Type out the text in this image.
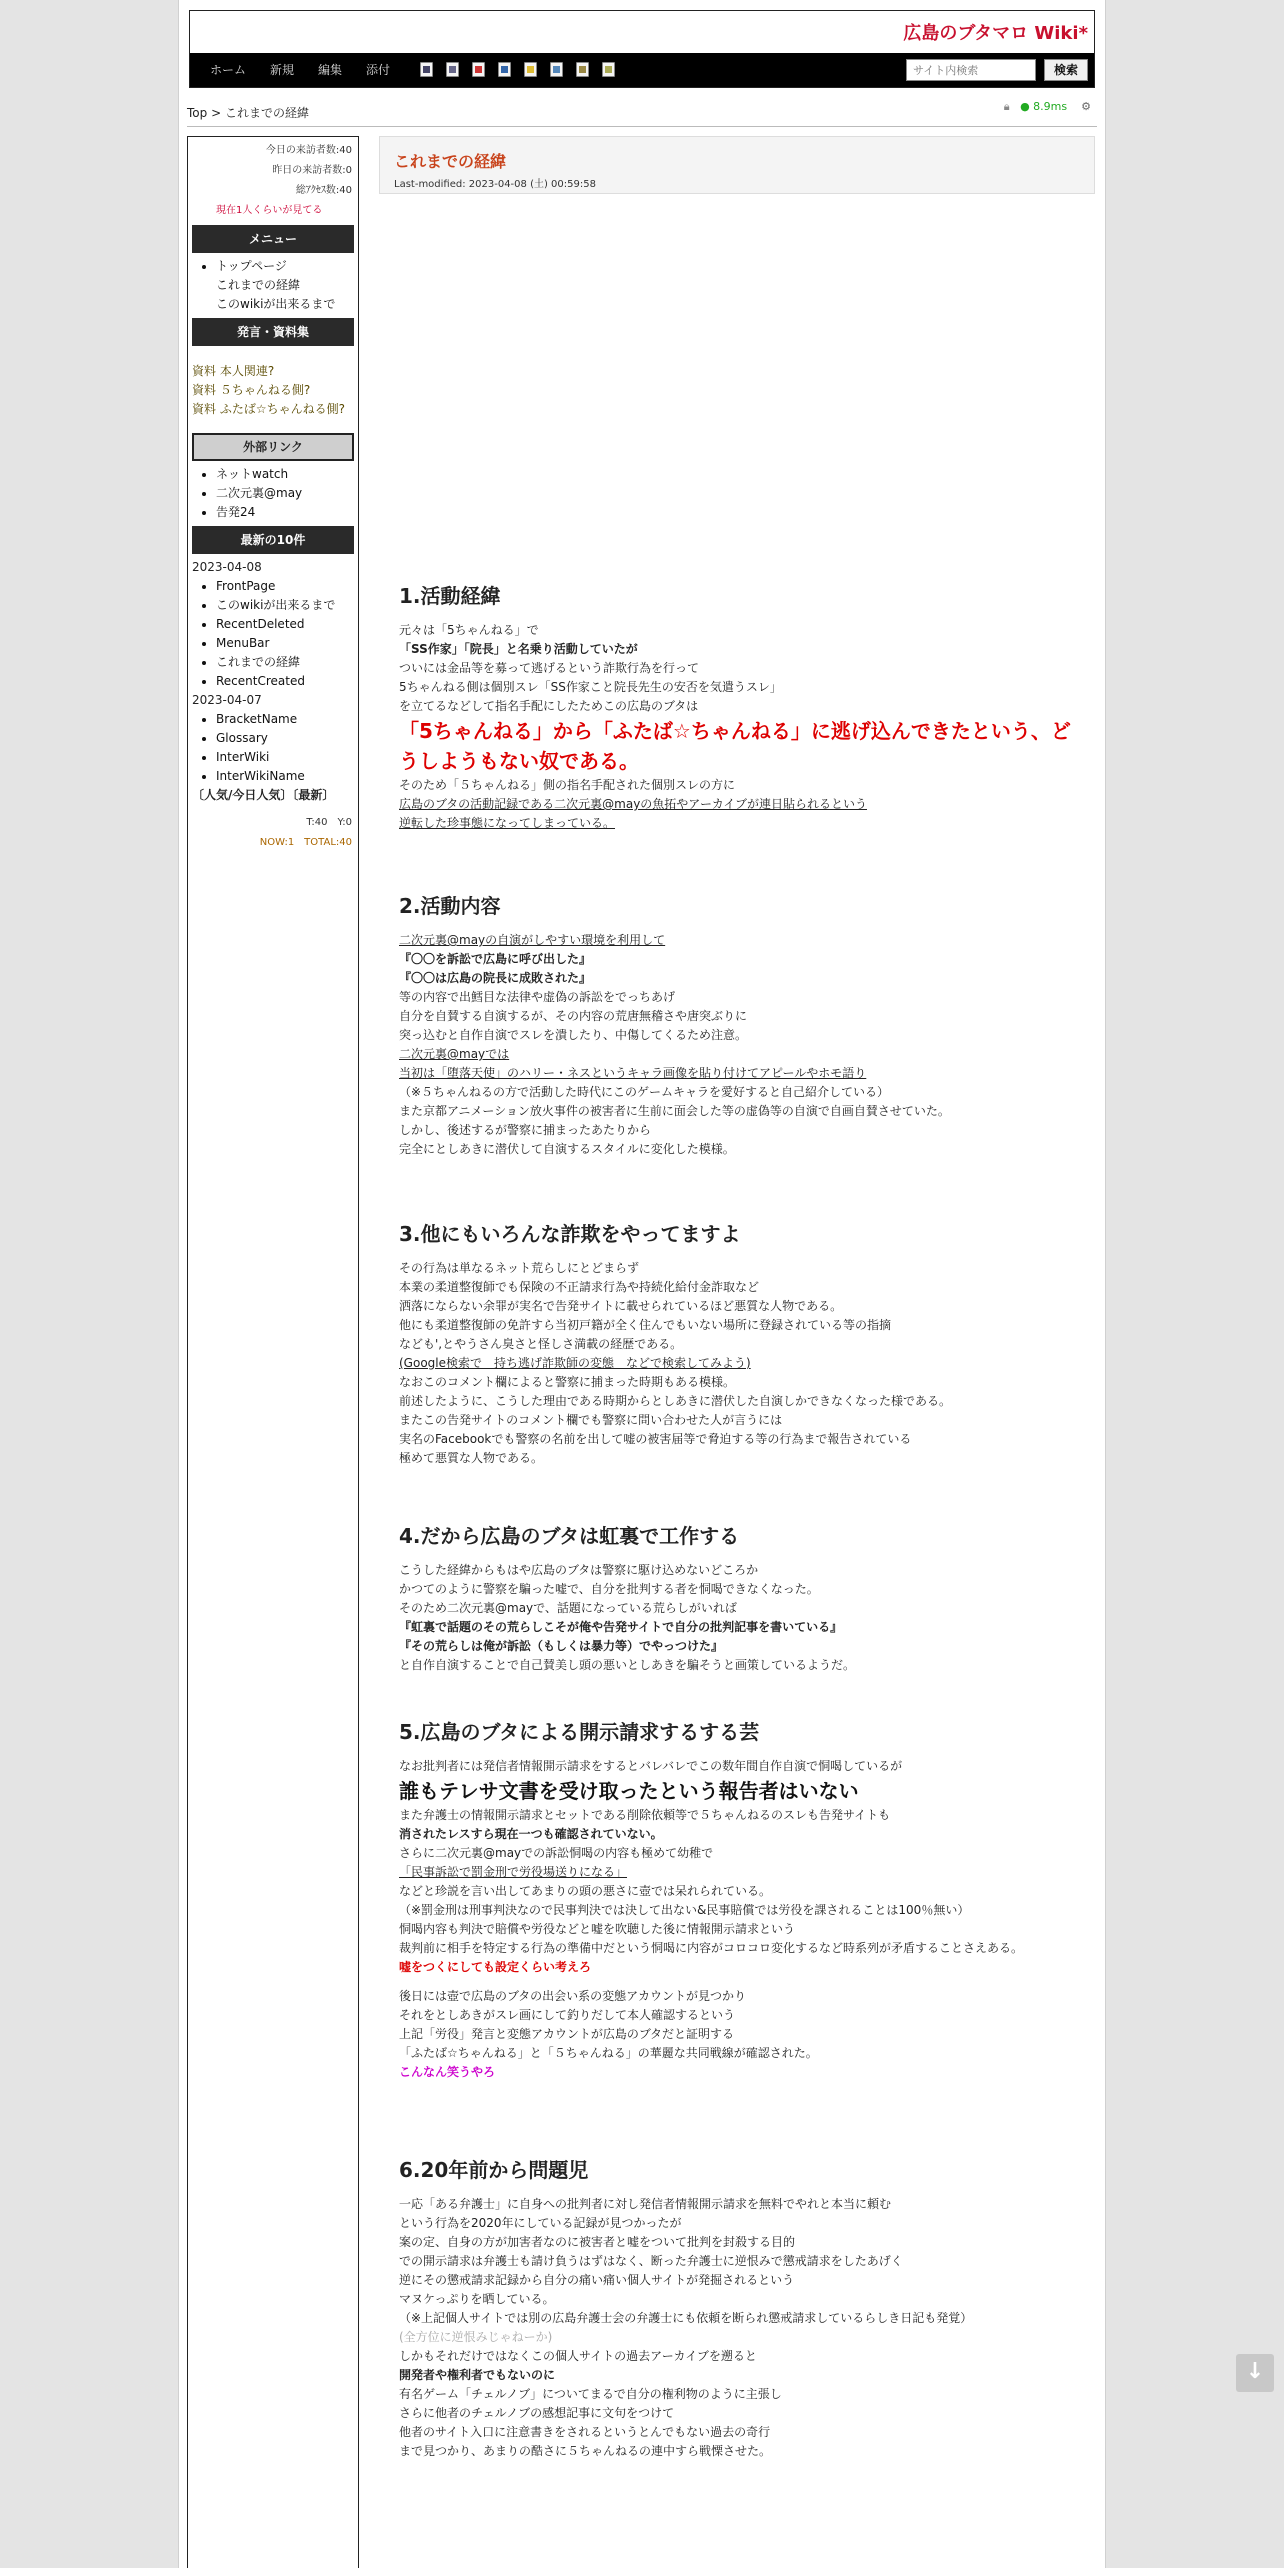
広島のブタマロ Wiki*
ホーム 新規 編集 添付
サイト内検索	検索
Top > これまでの経緯	🔒︎ ● 8.9ms ⚙
今日の来訪者数:40
昨日の来訪者数:0
総ｱｸｾｽ数:40
現在1人くらいが見てる
メニュー
• トップページ
これまでの経緯
このwikiが出来るまで
発言・資料集
資料 本人関連?
資料 ５ちゃんねる側?
資料 ふたば☆ちゃんねる側?
外部リンク
• ネットwatch
• 二次元裏@may
• 告発24
最新の10件
2023-04-08
• FrontPage
• このwikiが出来るまで
• RecentDeleted
• MenuBar
• これまでの経緯
• RecentCreated
2023-04-07
• BracketName
• Glossary
• InterWiki
• InterWikiName
〔人気/今日人気〕〔最新〕
T:40　Y:0
NOW:1　TOTAL:40
これまでの経緯
Last-modified: 2023-04-08 (土) 00:59:58
1.活動経緯
元々は「5ちゃんねる」で
「SS作家」「院長」と名乗り活動していたが
ついには金品等を募って逃げるという詐欺行為を行って
5ちゃんねる側は個別スレ「SS作家こと院長先生の安否を気遣うスレ」
を立てるなどして指名手配にしたためこの広島のブタは
「5ちゃんねる」から「ふたば☆ちゃんねる」に逃げ込んできたという、どうしようもない奴である。
そのため「５ちゃんねる」側の指名手配された個別スレの方に
広島のブタの活動記録である二次元裏@mayの魚拓やアーカイブが連日貼られるという
逆転した珍事態になってしまっている。
2.活動内容
二次元裏@mayの自演がしやすい環境を利用して
『〇〇を訴訟で広島に呼び出した』
『〇〇は広島の院長に成敗された』
等の内容で出鱈目な法律や虚偽の訴訟をでっちあげ
自分を自賛する自演するが、その内容の荒唐無稽さや唐突ぶりに
突っ込むと自作自演でスレを潰したり、中傷してくるため注意。
二次元裏@mayでは
当初は「堕落天使」のハリー・ネスというキャラ画像を貼り付けてアピールやホモ語り
（※５ちゃんねるの方で活動した時代にこのゲームキャラを愛好すると自己紹介している）
また京都アニメーション放火事件の被害者に生前に面会した等の虚偽等の自演で自画自賛させていた。
しかし、後述するが警察に捕まったあたりから
完全にとしあきに潜伏して自演するスタイルに変化した模様。
3.他にもいろんな詐欺をやってますよ
その行為は単なるネット荒らしにとどまらず
本業の柔道整復師でも保険の不正請求行為や持続化給付金詐取など
洒落にならない余罪が実名で告発サイトに載せられているほど悪質な人物である。
他にも柔道整復師の免許すら当初戸籍が全く住んでもいない場所に登録されている等の指摘
なども',とやうさん臭さと怪しさ満載の経歴である。
(Google検索で　持ち逃げ詐欺師の変態　などで検索してみよう)
なおこのコメント欄によると警察に捕まった時期もある模様。
前述したように、こうした理由である時期からとしあきに潜伏した自演しかできなくなった様である。
またこの告発サイトのコメント欄でも警察に問い合わせた人が言うには
実名のFacebookでも警察の名前を出して嘘の被害届等で脅迫する等の行為まで報告されている
極めて悪質な人物である。
4.だから広島のブタは虹裏で工作する
こうした経緯からもはや広島のブタは警察に駆け込めないどころか
かつてのように警察を騙った嘘で、自分を批判する者を恫喝できなくなった。
そのため二次元裏@mayで、話題になっている荒らしがいれば
『虹裏で話題のその荒らしこそが俺や告発サイトで自分の批判記事を書いている』
『その荒らしは俺が訴訟（もしくは暴力等）でやっつけた』
と自作自演することで自己賛美し頭の悪いとしあきを騙そうと画策しているようだ。
5.広島のブタによる開示請求するする芸
なお批判者には発信者情報開示請求をするとバレバレでこの数年間自作自演で恫喝しているが
誰もテレサ文書を受け取ったという報告者はいない
また弁護士の情報開示請求とセットである削除依頼等で５ちゃんねるのスレも告発サイトも
消されたレスすら現在一つも確認されていない。
さらに二次元裏@mayでの訴訟恫喝の内容も極めて幼稚で
「民事訴訟で罰金刑で労役場送りになる」
などと珍説を言い出してあまりの頭の悪さに壺では呆れられている。
（※罰金刑は刑事判決なので民事判決では決して出ない&民事賠償では労役を課されることは100％無い）
恫喝内容も判決で賠償や労役などと嘘を吹聴した後に情報開示請求という
裁判前に相手を特定する行為の準備中だという恫喝に内容がコロコロ変化するなど時系列が矛盾することさえある。
嘘をつくにしても設定くらい考えろ
後日には壺で広島のブタの出会い系の変態アカウントが見つかり
それをとしあきがスレ画にして釣りだして本人確認するという
上記「労役」発言と変態アカウントが広島のブタだと証明する
「ふたば☆ちゃんねる」と「５ちゃんねる」の華麗な共同戦線が確認された。
こんなん笑うやろ
6.20年前から問題児
一応「ある弁護士」に自身への批判者に対し発信者情報開示請求を無料でやれと本当に頼む
という行為を2020年にしている記録が見つかったが
案の定、自身の方が加害者なのに被害者と嘘をついて批判を封殺する目的
での開示請求は弁護士も請け負うはずはなく、断った弁護士に逆恨みで懲戒請求をしたあげく
逆にその懲戒請求記録から自分の痛い痛い個人サイトが発掘されるという
マヌケっぷりを晒している。
（※上記個人サイトでは別の広島弁護士会の弁護士にも依頼を断られ懲戒請求しているらしき日記も発覚）
(全方位に逆恨みじゃねーか)
しかもそれだけではなくこの個人サイトの過去アーカイブを遡ると
開発者や権利者でもないのに
有名ゲーム「チェルノブ」についてまるで自分の権利物のように主張し
さらに他者のチェルノブの感想記事に文句をつけて
他者のサイト入口に注意書きをされるというとんでもない過去の奇行
まで見つかり、あまりの酷さに５ちゃんねるの連中すら戦慄させた。
↓
